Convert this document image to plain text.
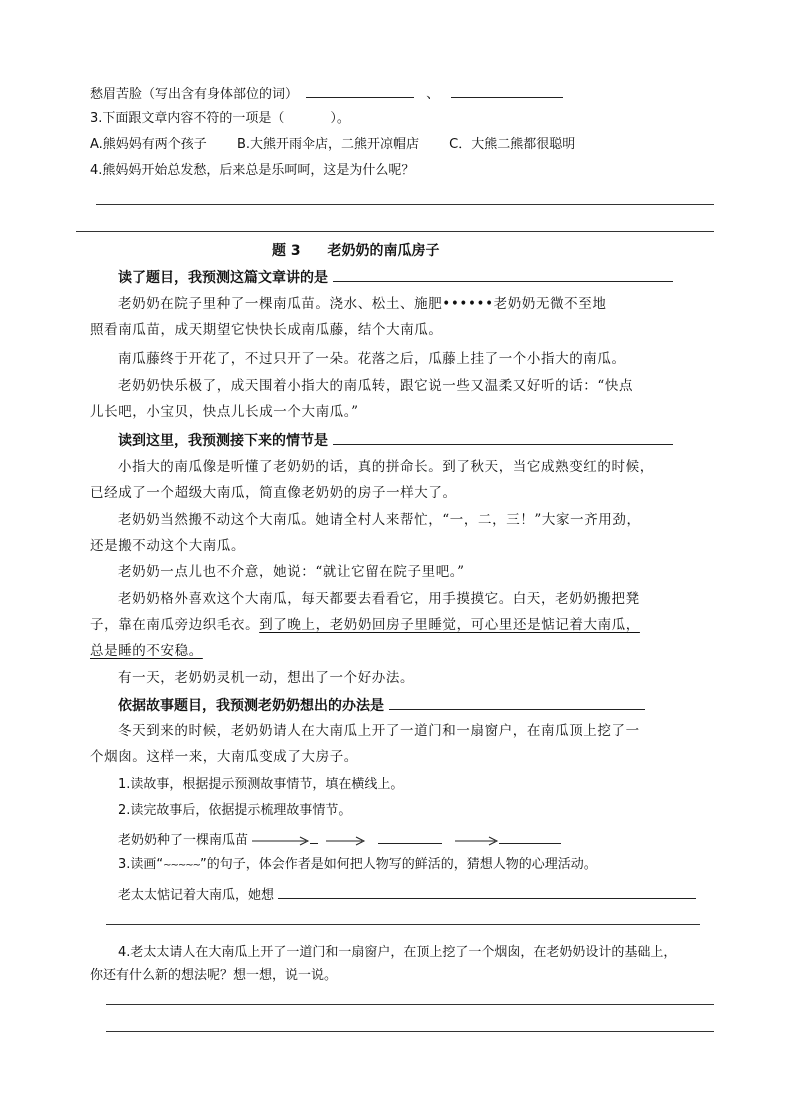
愁眉苦脸（写出含有身体部位的词）	、
3.下面跟文章内容不符的一项是（	）。
A.熊妈妈有两个孩子 B.大熊开雨伞店，二熊开凉帽店 C．大熊二熊都很聪明
4.熊妈妈开始总发愁，后来总是乐呵呵，这是为什么呢？
题 3 老奶奶的南瓜房子
读了题目，我预测这篇文章讲的是
老奶奶在院子里种了一棵南瓜苗。浇水、松土、施肥••••••老奶奶无微不至地
照看南瓜苗，成天期望它快快长成南瓜藤，结个大南瓜。
南瓜藤终于开花了，不过只开了一朵。花落之后，瓜藤上挂了一个小指大的南瓜。
老奶奶快乐极了，成天围着小指大的南瓜转，跟它说一些又温柔又好听的话：“快点
儿长吧，小宝贝，快点儿长成一个大南瓜。”
读到这里，我预测接下来的情节是
小指大的南瓜像是听懂了老奶奶的话，真的拼命长。到了秋天，当它成熟变红的时候，
已经成了一个超级大南瓜，简直像老奶奶的房子一样大了。
老奶奶当然搬不动这个大南瓜。她请全村人来帮忙，“一，二，三！”大家一齐用劲，
还是搬不动这个大南瓜。
老奶奶一点儿也不介意，她说：“就让它留在院子里吧。”
老奶奶格外喜欢这个大南瓜，每天都要去看看它，用手摸摸它。白天，老奶奶搬把凳
子，靠在南瓜旁边织毛衣。到了晚上，老奶奶回房子里睡觉，可心里还是惦记着大南瓜，
总是睡的不安稳。
有一天，老奶奶灵机一动，想出了一个好办法。
依据故事题目，我预测老奶奶想出的办法是
冬天到来的时候，老奶奶请人在大南瓜上开了一道门和一扇窗户，在南瓜顶上挖了一
个烟囱。这样一来，大南瓜变成了大房子。
1.读故事，根据提示预测故事情节，填在横线上。
2.读完故事后，依据提示梳理故事情节。
老奶奶种了一棵南瓜苗
3.读画“~~~~~”的句子，体会作者是如何把人物写的鲜活的，猜想人物的心理活动。
老太太惦记着大南瓜，她想
4.老太太请人在大南瓜上开了一道门和一扇窗户，在顶上挖了一个烟囱，在老奶奶设计的基础上，
你还有什么新的想法呢？想一想，说一说。
